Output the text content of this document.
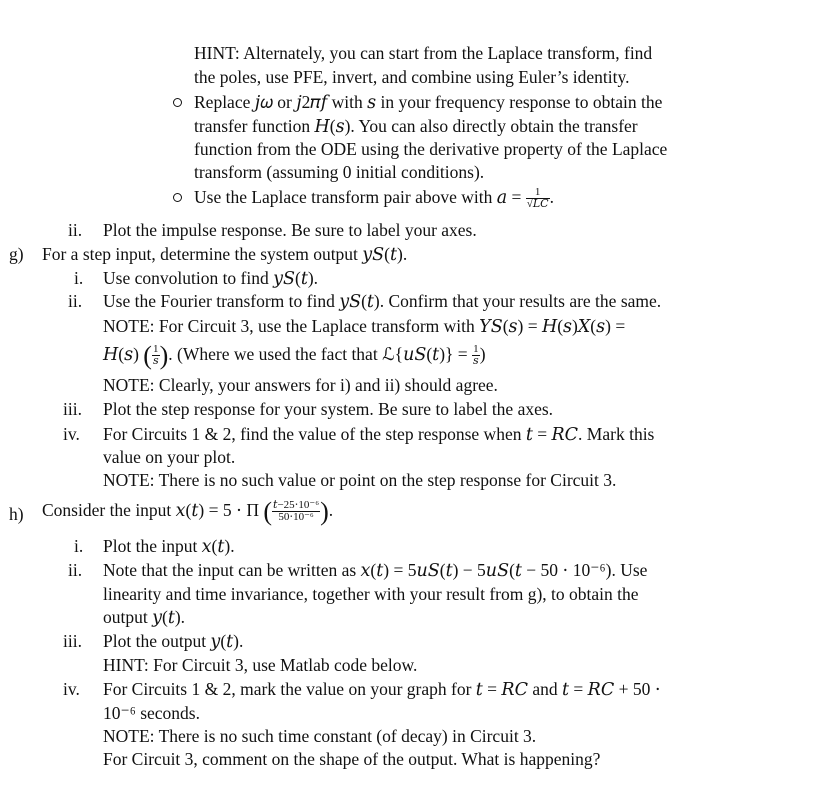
HINT: Alternately, you can start from the Laplace transform, find
the poles, use PFE, invert, and combine using Euler’s identity.
Replace 𝑗𝜔 or 𝑗2𝜋𝑓 with 𝑠 in your frequency response to obtain the
transfer function 𝐻(𝑠). You can also directly obtain the transfer
function from the ODE using the derivative property of the Laplace
transform (assuming 0 initial conditions).
Use the Laplace transform pair above with 𝑎 = $\frac{1}{\text{√𝐿𝐶}}$ .
ii. Plot the impulse response. Be sure to label your axes.
g) For a step input, determine the system output 𝑦𝑆(𝑡).
i. Use convolution to find 𝑦𝑆(𝑡).
ii. Use the Fourier transform to find 𝑦𝑆(𝑡). Confirm that your results are the same.
NOTE: For Circuit 3, use the Laplace transform with 𝑌𝑆(𝑠) = 𝐻(𝑠)𝑋(𝑠) =
𝐻(𝑠) ( $\frac{1}{\text{𝑠}}$ ). (Where we used the fact that ℒ{𝑢𝑆(𝑡)} = $\frac{1}{\text{𝑠}}$ )
NOTE: Clearly, your answers for i) and ii) should agree.
iii. Plot the step response for your system. Be sure to label the axes.
iv. For Circuits 1 & 2, find the value of the step response when 𝑡 = 𝑅𝐶. Mark this
value on your plot.
NOTE: There is no such value or point on the step response for Circuit 3.
h) Consider the input 𝑥(𝑡) = 5 ⋅ Π ( $\frac{\text{𝑡−25⋅10⁻⁶}}{\text{50⋅10⁻⁶}}$ ).
i. Plot the input 𝑥(𝑡).
ii. Note that the input can be written as 𝑥(𝑡) = 5𝑢𝑆(𝑡) − 5𝑢𝑆(𝑡 − 50 ⋅ 10⁻⁶). Use
linearity and time invariance, together with your result from g), to obtain the
output 𝑦(𝑡).
iii. Plot the output 𝑦(𝑡).
HINT: For Circuit 3, use Matlab code below.
iv. For Circuits 1 & 2, mark the value on your graph for 𝑡 = 𝑅𝐶 and 𝑡 = 𝑅𝐶 + 50 ⋅
10⁻⁶ seconds.
NOTE: There is no such time constant (of decay) in Circuit 3.
For Circuit 3, comment on the shape of the output. What is happening?
